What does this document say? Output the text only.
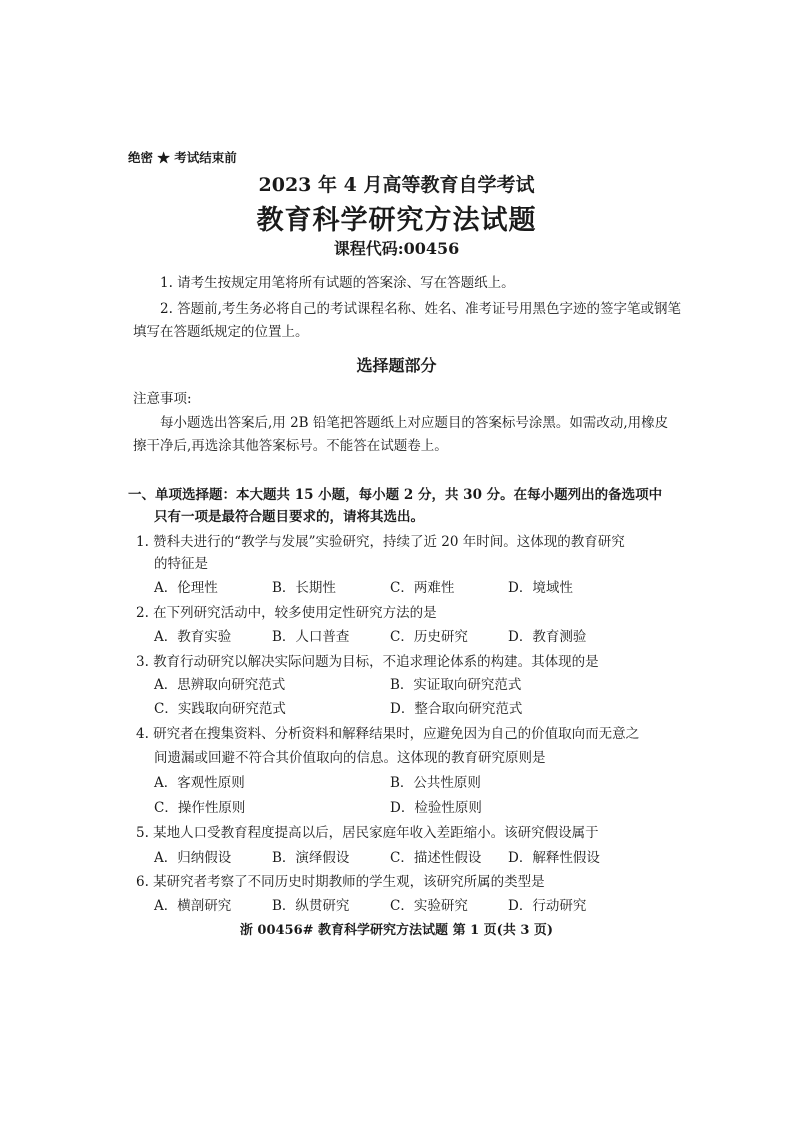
绝密 ★ 考试结束前
2023 年 4 月高等教育自学考试
教育科学研究方法试题
课程代码:00456
1. 请考生按规定用笔将所有试题的答案涂、写在答题纸上。
2. 答题前,考生务必将自己的考试课程名称、姓名、准考证号用黑色字迹的签字笔或钢笔
填写在答题纸规定的位置上。
选择题部分
注意事项:
每小题选出答案后,用 2B 铅笔把答题纸上对应题目的答案标号涂黑。如需改动,用橡皮
擦干净后,再选涂其他答案标号。不能答在试题卷上。
一、单项选择题：本大题共 15 小题，每小题 2 分，共 30 分。在每小题列出的备选项中
只有一项是最符合题目要求的，请将其选出。
1. 赞科夫进行的“教学与发展”实验研究，持续了近 20 年时间。这体现的教育研究
的特征是
A．伦理性	B．长期性	C．两难性	D．境域性
2. 在下列研究活动中，较多使用定性研究方法的是
A．教育实验	B．人口普查	C．历史研究	D．教育测验
3. 教育行动研究以解决实际问题为目标，不追求理论体系的构建。其体现的是
A．思辨取向研究范式	B．实证取向研究范式
C．实践取向研究范式	D．整合取向研究范式
4. 研究者在搜集资料、分析资料和解释结果时，应避免因为自己的价值取向而无意之
间遗漏或回避不符合其价值取向的信息。这体现的教育研究原则是
A．客观性原则	B．公共性原则
C．操作性原则	D．检验性原则
5. 某地人口受教育程度提高以后，居民家庭年收入差距缩小。该研究假设属于
A．归纳假设	B．演绎假设	C．描述性假设 D．解释性假设
6. 某研究者考察了不同历史时期教师的学生观，该研究所属的类型是
A．横剖研究	B．纵贯研究	C．实验研究	D．行动研究
浙 00456# 教育科学研究方法试题 第 1 页(共 3 页)
